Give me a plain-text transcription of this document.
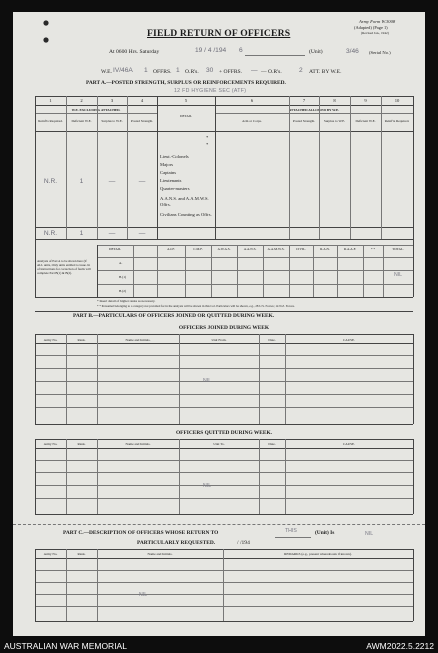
Army Form W.3008
(Adapted) (Page 1)
(Revised Jan., 1942)
FIELD RETURN OF OFFICERS
At 0600 Hrs. Saturday	19 / 4 /194 6	(Unit)	3/46 (Serial No.)
W.E. IV/46A 1 OFFRS. 1 O.R's. 30 + OFFRS. — — O.R's.	2 ATT. BY W.E.
PART A.—POSTED STRENGTH, SURPLUS OR REINFORCEMENTS REQUIRED.
12 FD HYGIENE SEC (ATF)
1	2	3	4	5	6	7	8	9	10
W.E. EXCLUDING ATTACHED.
DETAIL
ATTACHED ALLOWED BY W.E.
Reinf'ts Required.	Deficient W.E.	Surplus to W.E.	Posted Strength.	Arm or Corps.	Posted Strength.	Surplus to W.E.	Deficient W.E.	Reinf'ts Required.
Lieut.-Colonels
Majors
Captains
Lieutenants
Quarter-masters
A.A.N.S. and A.A.M.W.S. Offrs.
Civilians Counting as Offrs.
*
*
N.R.	1	—	—
N.R.	1	—	—
Analysis of Part A to be shown here (if ALL units, Only units entitled to issue. In of instructions for correction of faults will complete Part B(1) & B(2).
DETAIL	A.I.F.	C.M.F.	A.W.A.S.	A.A.N.S.	A.A.M.W.S.	CIVIL.	R.A.N.	R.A.A.F.	* *	TOTAL.
A.
B.(1)
B.(2)
NIL
* Insert detail of higher ranks as necessary.
* * Personnel belonging to a category not provided for in the analysis will be shown in this Col. Particulars will be shown, e.g., 28 U.S. Forces; 14 N.Z. Forces.
PART B.—PARTICULARS OF OFFICERS JOINED OR QUITTED DURING WEEK.
OFFICERS JOINED DURING WEEK
Army No.	Rank.	Name and Initials.	Unit From.	Date.	CAUSE.
NIL
OFFICERS QUITTED DURING WEEK.
Army No.	Rank.	Name and Initials.	Unit To.	Date.	CAUSE.
NIL
PART C.—DESCRIPTION OF OFFICERS WHOSE RETURN TO	THIS	(Unit) Is	NIL
PARTICULARLY REQUESTED.	/ /194
Army No.	Rank.	Name and Initials.	REMARKS (e.g., present whereabouts if known).
NIL
AUSTRALIAN WAR MEMORIAL	AWM2022.5.2212
